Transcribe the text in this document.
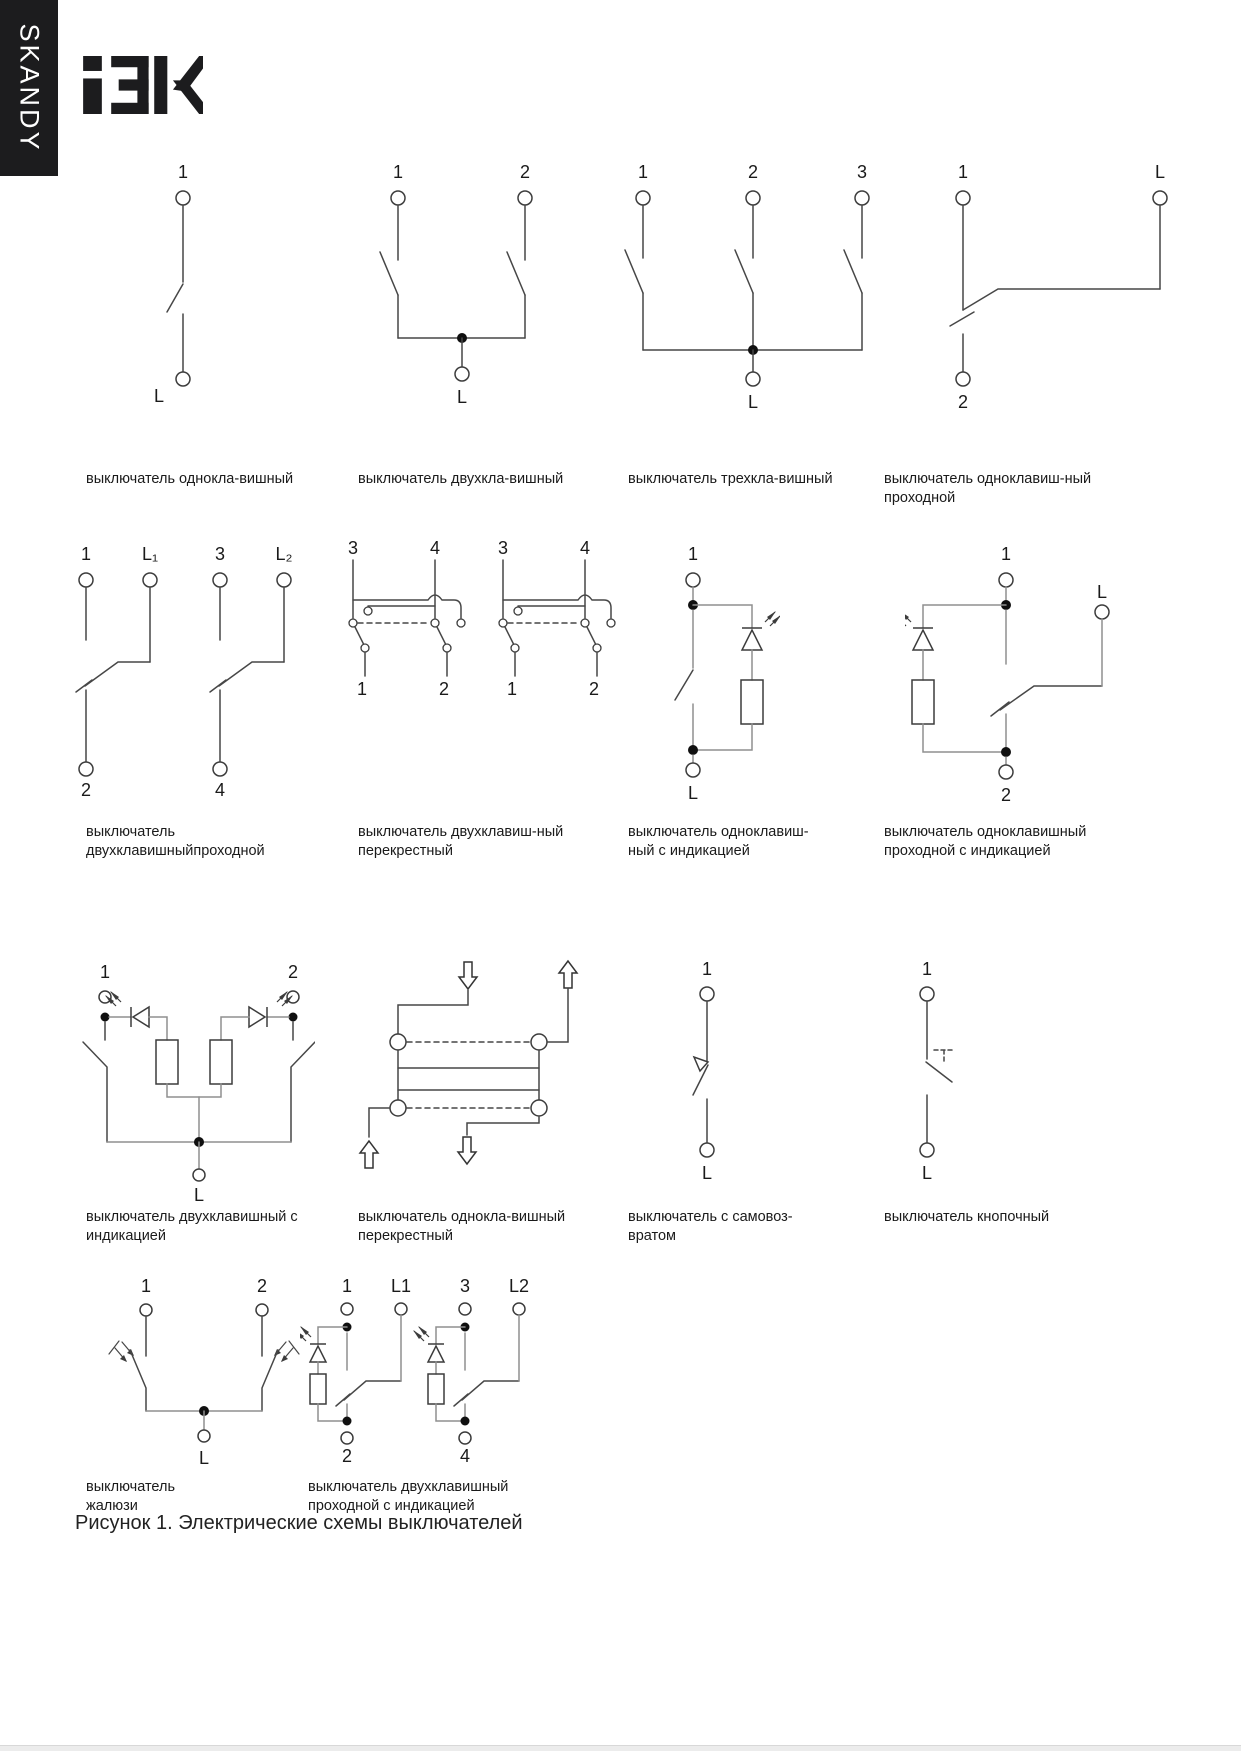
SKANDY
1
L
1	2
L
1	2	3
L
1	L
2
выключатель однокла-вишный	выключатель двухкла-вишный	выключатель трехкла-вишный	выключатель одноклавиш-ный
проходной
1	L₁	3	L₂
2	4
3	4
1	2
3	4
1	2
1
L
1
L
2
выключатель
двухклавишныйпроходной
выключатель двухклавиш-ный
перекрестный
выключатель одноклавиш-
ный с индикацией
выключатель одноклавишный
проходной с индикацией
1	2
L
1
L
1
L
выключатель двухклавишный с
индикацией
выключатель однокла-вишный
перекрестный
выключатель с самовоз-
вратом
выключатель кнопочный
1	2
L
1 L1
2
3 L2
4
выключатель
жалюзи
выключатель двухклавишный
проходной с индикацией
Рисунок 1. Электрические схемы выключателей
